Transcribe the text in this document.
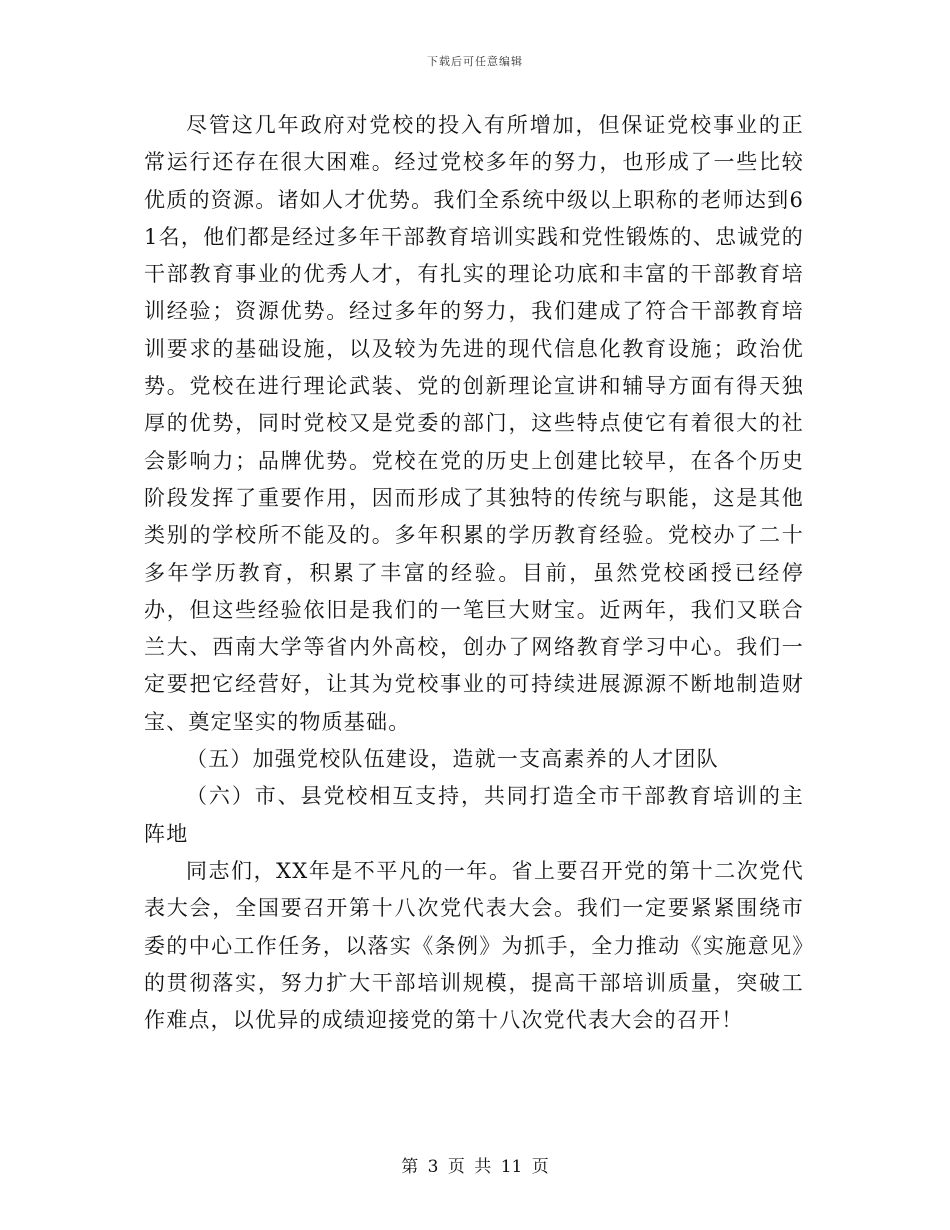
下载后可任意编辑

尽管这几年政府对党校的投入有所增加，但保证党校事业的正常运行还存在很大困难。经过党校多年的努力，也形成了一些比较优质的资源。诸如人才优势。我们全系统中级以上职称的老师达到61名，他们都是经过多年干部教育培训实践和党性锻炼的、忠诚党的干部教育事业的优秀人才，有扎实的理论功底和丰富的干部教育培训经验；资源优势。经过多年的努力，我们建成了符合干部教育培训要求的基础设施，以及较为先进的现代信息化教育设施；政治优势。党校在进行理论武装、党的创新理论宣讲和辅导方面有得天独厚的优势，同时党校又是党委的部门，这些特点使它有着很大的社会影响力；品牌优势。党校在党的历史上创建比较早，在各个历史阶段发挥了重要作用，因而形成了其独特的传统与职能，这是其他类别的学校所不能及的。多年积累的学历教育经验。党校办了二十多年学历教育，积累了丰富的经验。目前，虽然党校函授已经停办，但这些经验依旧是我们的一笔巨大财宝。近两年，我们又联合兰大、西南大学等省内外高校，创办了网络教育学习中心。我们一定要把它经营好，让其为党校事业的可持续进展源源不断地制造财宝、奠定坚实的物质基础。

（五）加强党校队伍建设，造就一支高素养的人才团队

（六）市、县党校相互支持，共同打造全市干部教育培训的主阵地

同志们，XX年是不平凡的一年。省上要召开党的第十二次党代表大会，全国要召开第十八次党代表大会。我们一定要紧紧围绕市委的中心工作任务，以落实《条例》为抓手，全力推动《实施意见》的贯彻落实，努力扩大干部培训规模，提高干部培训质量，突破工作难点，以优异的成绩迎接党的第十八次党代表大会的召开！

第 3 页 共 11 页
